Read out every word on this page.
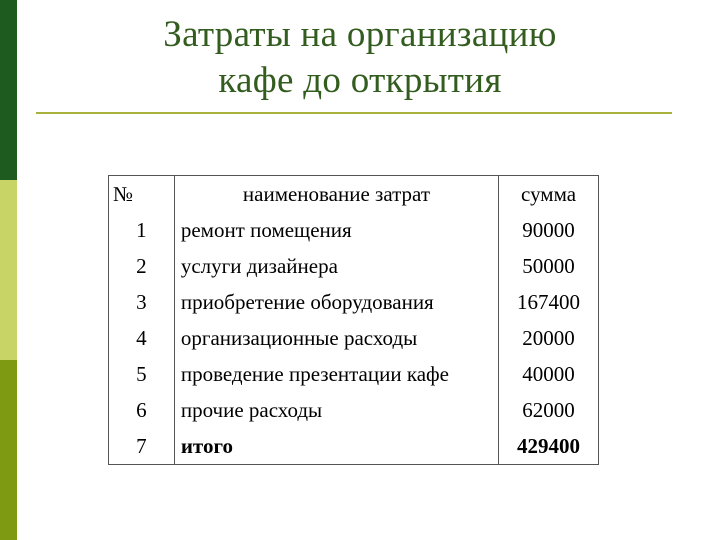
Затраты на организацию
кафе до открытия
№	наименование затрат	сумма
1	ремонт помещения	90000
2	услуги дизайнера	50000
3	приобретение оборудования	167400
4	организационные расходы	20000
5	проведение презентации кафе	40000
6	прочие расходы	62000
7	итого	429400
